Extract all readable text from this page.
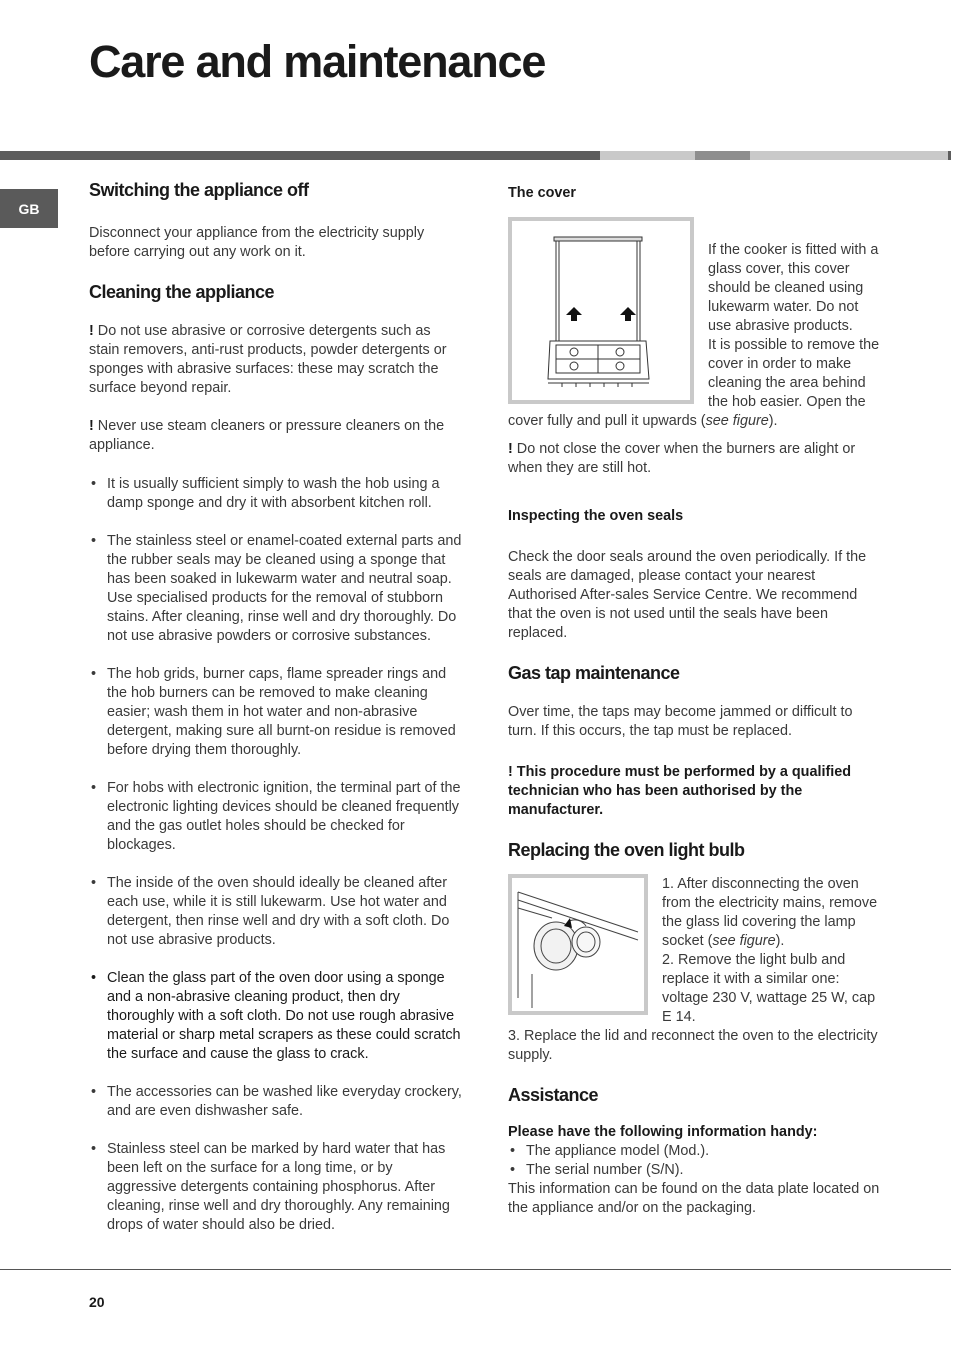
Care and maintenance
GB
Switching the appliance off

Disconnect your appliance from the electricity supply before carrying out any work on it.

Cleaning the appliance

! Do not use abrasive or corrosive detergents such as stain removers, anti-rust products, powder detergents or sponges with abrasive surfaces: these may scratch the surface beyond repair.

! Never use steam cleaners or pressure cleaners on the appliance.

• It is usually sufficient simply to wash the hob using a damp sponge and dry it with absorbent kitchen roll.
• The stainless steel or enamel-coated external parts and the rubber seals may be cleaned using a sponge that has been soaked in lukewarm water and neutral soap. Use specialised products for the removal of stubborn stains. After cleaning, rinse well and dry thoroughly. Do not use abrasive powders or corrosive substances.
• The hob grids, burner caps, flame spreader rings and the hob burners can be removed to make cleaning easier; wash them in hot water and non-abrasive detergent, making sure all burnt-on residue is removed before drying them thoroughly.
• For hobs with electronic ignition, the terminal part of the electronic lighting devices should be cleaned frequently and the gas outlet holes should be checked for blockages.
• The inside of the oven should ideally be cleaned after each use, while it is still lukewarm. Use hot water and detergent, then rinse well and dry with a soft cloth. Do not use abrasive products.
• Clean the glass part of the oven door using a sponge and a non-abrasive cleaning product, then dry thoroughly with a soft cloth. Do not use rough abrasive material or sharp metal scrapers as these could scratch the surface and cause the glass to crack.
• The accessories can be washed like everyday crockery, and are even dishwasher safe.
• Stainless steel can be marked by hard water that has been left on the surface for a long time, or by aggressive detergents containing phosphorus. After cleaning, rinse well and dry thoroughly. Any remaining drops of water should also be dried.
The cover

If the cooker is fitted with a glass cover, this cover should be cleaned using lukewarm water. Do not use abrasive products.

It is possible to remove the cover in order to make cleaning the area behind the hob easier. Open the cover fully and pull it upwards (see figure).

! Do not close the cover when the burners are alight or when they are still hot.

Inspecting the oven seals

Check the door seals around the oven periodically. If the seals are damaged, please contact your nearest Authorised After-sales Service Centre. We recommend that the oven is not used until the seals have been replaced.

Gas tap maintenance

Over time, the taps may become jammed or difficult to turn. If this occurs, the tap must be replaced.

! This procedure must be performed by a qualified technician who has been authorised by the manufacturer.

Replacing the oven light bulb

1. After disconnecting the oven from the electricity mains, remove the glass lid covering the lamp socket (see figure).

2. Remove the light bulb and replace it with a similar one: voltage 230 V, wattage 25 W, cap E 14.

3. Replace the lid and reconnect the oven to the electricity supply.

Assistance

Please have the following information handy:

• The appliance model (Mod.).
• The serial number (S/N).

This information can be found on the data plate located on the appliance and/or on the packaging.

20
